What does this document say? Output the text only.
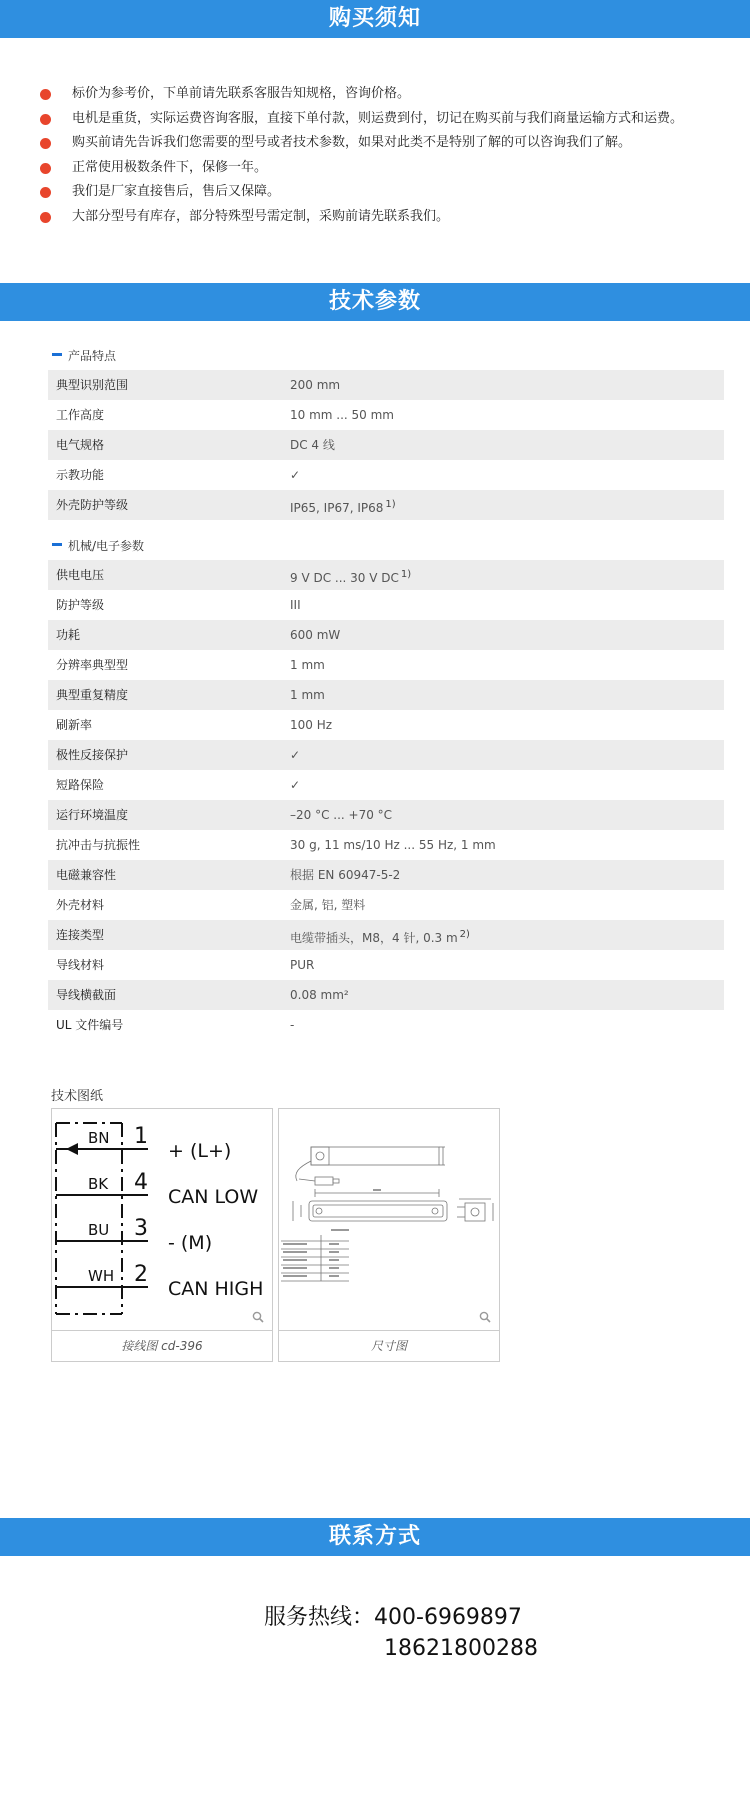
购买须知
标价为参考价，下单前请先联系客服告知规格，咨询价格。
电机是重货，实际运费咨询客服，直接下单付款，则运费到付，切记在购买前与我们商量运输方式和运费。
购买前请先告诉我们您需要的型号或者技术参数，如果对此类不是特别了解的可以咨询我们了解。
正常使用极数条件下，保修一年。
我们是厂家直接售后，售后又保障。
大部分型号有库存，部分特殊型号需定制，采购前请先联系我们。
技术参数
产品特点
典型识别范围	200 mm
工作高度	10 mm ... 50 mm
电气规格	DC 4 线
示教功能	✓
外壳防护等级	IP65, IP67, IP68 $^{1)}$
机械/电子参数
供电电压	9 V DC ... 30 V DC $^{1)}$
防护等级	III
功耗	600 mW
分辨率典型型	1 mm
典型重复精度	1 mm
刷新率	100 Hz
极性反接保护	✓
短路保险	✓
运行环境温度	–20 °C ... +70 °C
抗冲击与抗振性	30 g, 11 ms/10 Hz ... 55 Hz, 1 mm
电磁兼容性	根据 EN 60947-5-2
外壳材料	金属, 铝, 塑料
连接类型	电缆带插头，M8，4 针, 0.3 m $^{2)}$
导线材料	PUR
导线横截面	0.08 mm²
UL 文件编号	-
技术图纸
BN
BK
BU
WH
1
4
3
2
+ (L+)
CAN LOW
- (M)
CAN HIGH
接线图 cd-396	尺寸图
联系方式
服务热线：400-6969897
18621800288
